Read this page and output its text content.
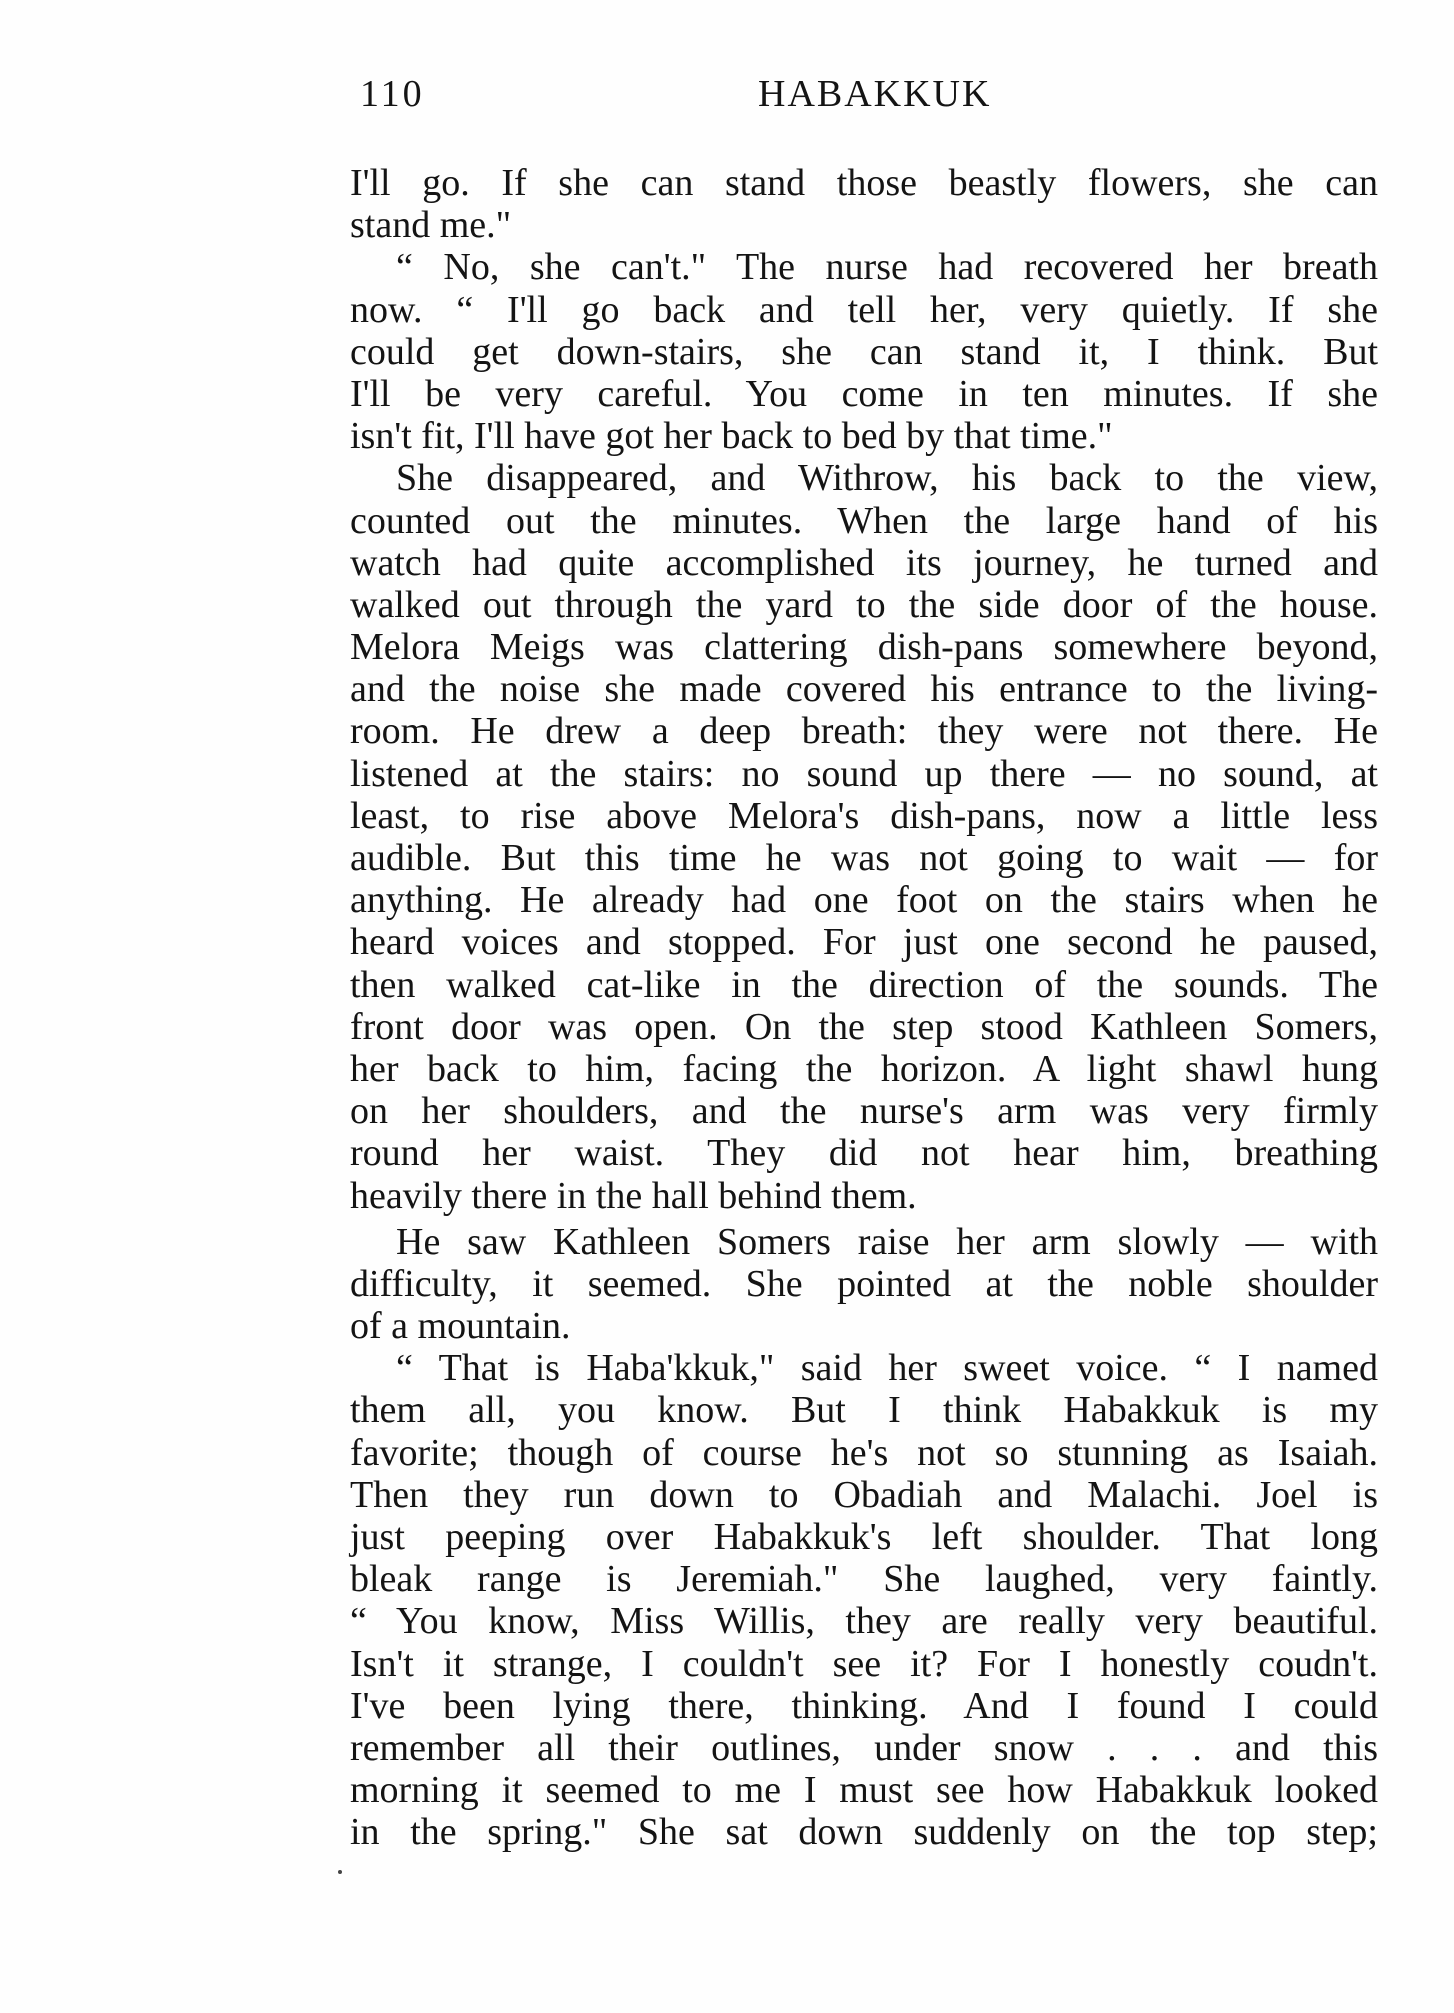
110	HABAKKUK
I'll go. If she can stand those beastly flowers, she can
stand me."
“ No, she can't." The nurse had recovered her breath
now. “ I'll go back and tell her, very quietly. If she
could get down-stairs, she can stand it, I think. But
I'll be very careful. You come in ten minutes. If she
isn't fit, I'll have got her back to bed by that time."
She disappeared, and Withrow, his back to the view,
counted out the minutes. When the large hand of his
watch had quite accomplished its journey, he turned and
walked out through the yard to the side door of the house.
Melora Meigs was clattering dish-pans somewhere beyond,
and the noise she made covered his entrance to the living-
room. He drew a deep breath: they were not there. He
listened at the stairs: no sound up there — no sound, at
least, to rise above Melora's dish-pans, now a little less
audible. But this time he was not going to wait — for
anything. He already had one foot on the stairs when he
heard voices and stopped. For just one second he paused,
then walked cat-like in the direction of the sounds. The
front door was open. On the step stood Kathleen Somers,
her back to him, facing the horizon. A light shawl hung
on her shoulders, and the nurse's arm was very firmly
round her waist. They did not hear him, breathing
heavily there in the hall behind them.
He saw Kathleen Somers raise her arm slowly — with
difficulty, it seemed. She pointed at the noble shoulder
of a mountain.
“ That is Haba'kkuk," said her sweet voice. “ I named
them all, you know. But I think Habakkuk is my
favorite; though of course he's not so stunning as Isaiah.
Then they run down to Obadiah and Malachi. Joel is
just peeping over Habakkuk's left shoulder. That long
bleak range is Jeremiah." She laughed, very faintly.
“ You know, Miss Willis, they are really very beautiful.
Isn't it strange, I couldn't see it? For I honestly coudn't.
I've been lying there, thinking. And I found I could
remember all their outlines, under snow . . . and this
morning it seemed to me I must see how Habakkuk looked
in the spring." She sat down suddenly on the top step;
